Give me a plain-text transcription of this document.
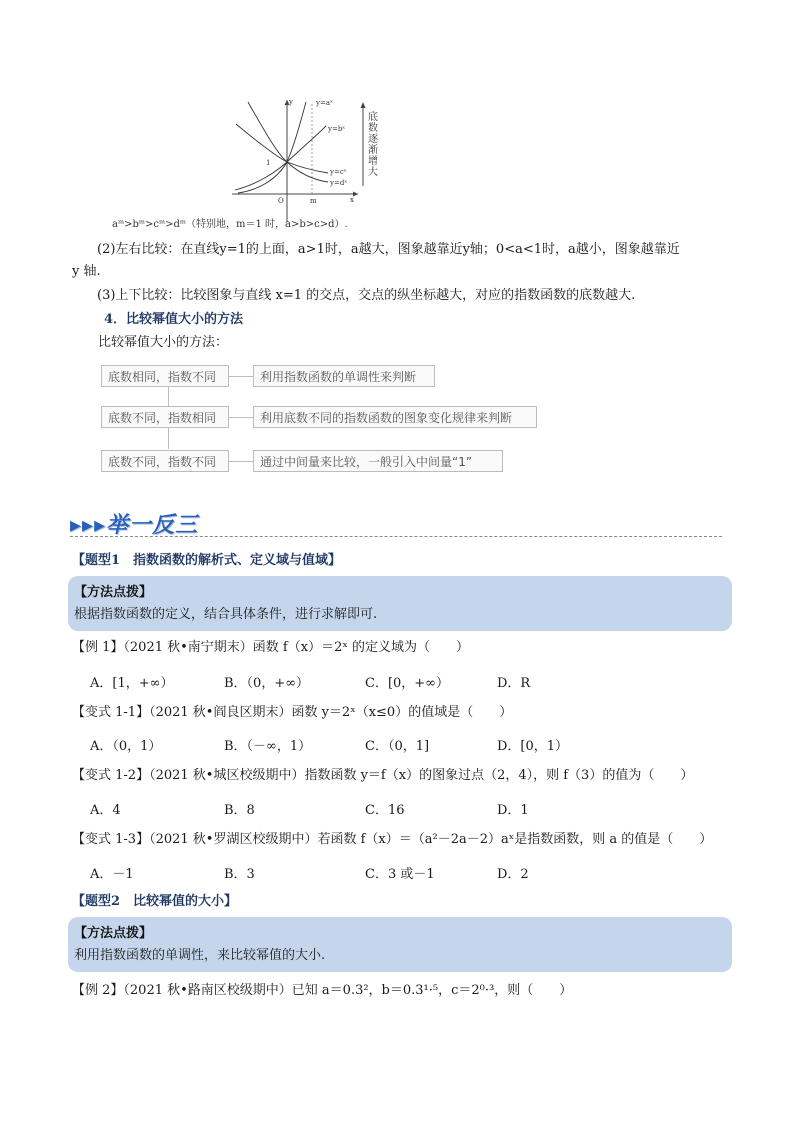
y
x
O	m
1
y=aˣ
y=bˣ
y=cˣ
y=dˣ
底数逐渐增大
aᵐ>bᵐ>cᵐ>dᵐ（特别地，m＝1 时，a>b>c>d）.
(2)左右比较：在直线y=1的上面，a>1时，a越大，图象越靠近y轴；0<a<1时，a越小，图象越靠近
y 轴.
(3)上下比较：比较图象与直线 x=1 的交点，交点的纵坐标越大，对应的指数函数的底数越大.
4．比较幂值大小的方法
比较幂值大小的方法：
底数相同，指数不同	利用指数函数的单调性来判断
底数不同，指数相同	利用底数不同的指数函数的图象变化规律来判断
底数不同，指数不同	通过中间量来比较，一般引入中间量“1”
▸▸▸举一反三
【题型1　指数函数的解析式、定义域与值域】
【方法点拨】
根据指数函数的定义，结合具体条件，进行求解即可.
【例 1】（2021 秋•南宁期末）函数 f（x）＝2ˣ 的定义域为（　　）
A．[1，+∞）	B．（0，+∞）	C．[0，+∞）	D．R
【变式 1-1】（2021 秋•阎良区期末）函数 y＝2ˣ（x≤0）的值域是（　　）
A．（0，1）	B．（－∞，1）	C．（0，1]	D．[0，1）
【变式 1-2】（2021 秋•城区校级期中）指数函数 y＝f（x）的图象过点（2，4），则 f（3）的值为（　　）
A．4	B．8	C．16	D．1
【变式 1-3】（2021 秋•罗湖区校级期中）若函数 f（x）＝（a²－2a－2）aˣ是指数函数，则 a 的值是（　　）
A．－1	B．3	C．3 或－1	D．2
【题型2　比较幂值的大小】
【方法点拨】
利用指数函数的单调性，来比较幂值的大小.
【例 2】（2021 秋•路南区校级期中）已知 a＝0.3²，b＝0.3¹·⁵，c＝2⁰·³，则（　　）
